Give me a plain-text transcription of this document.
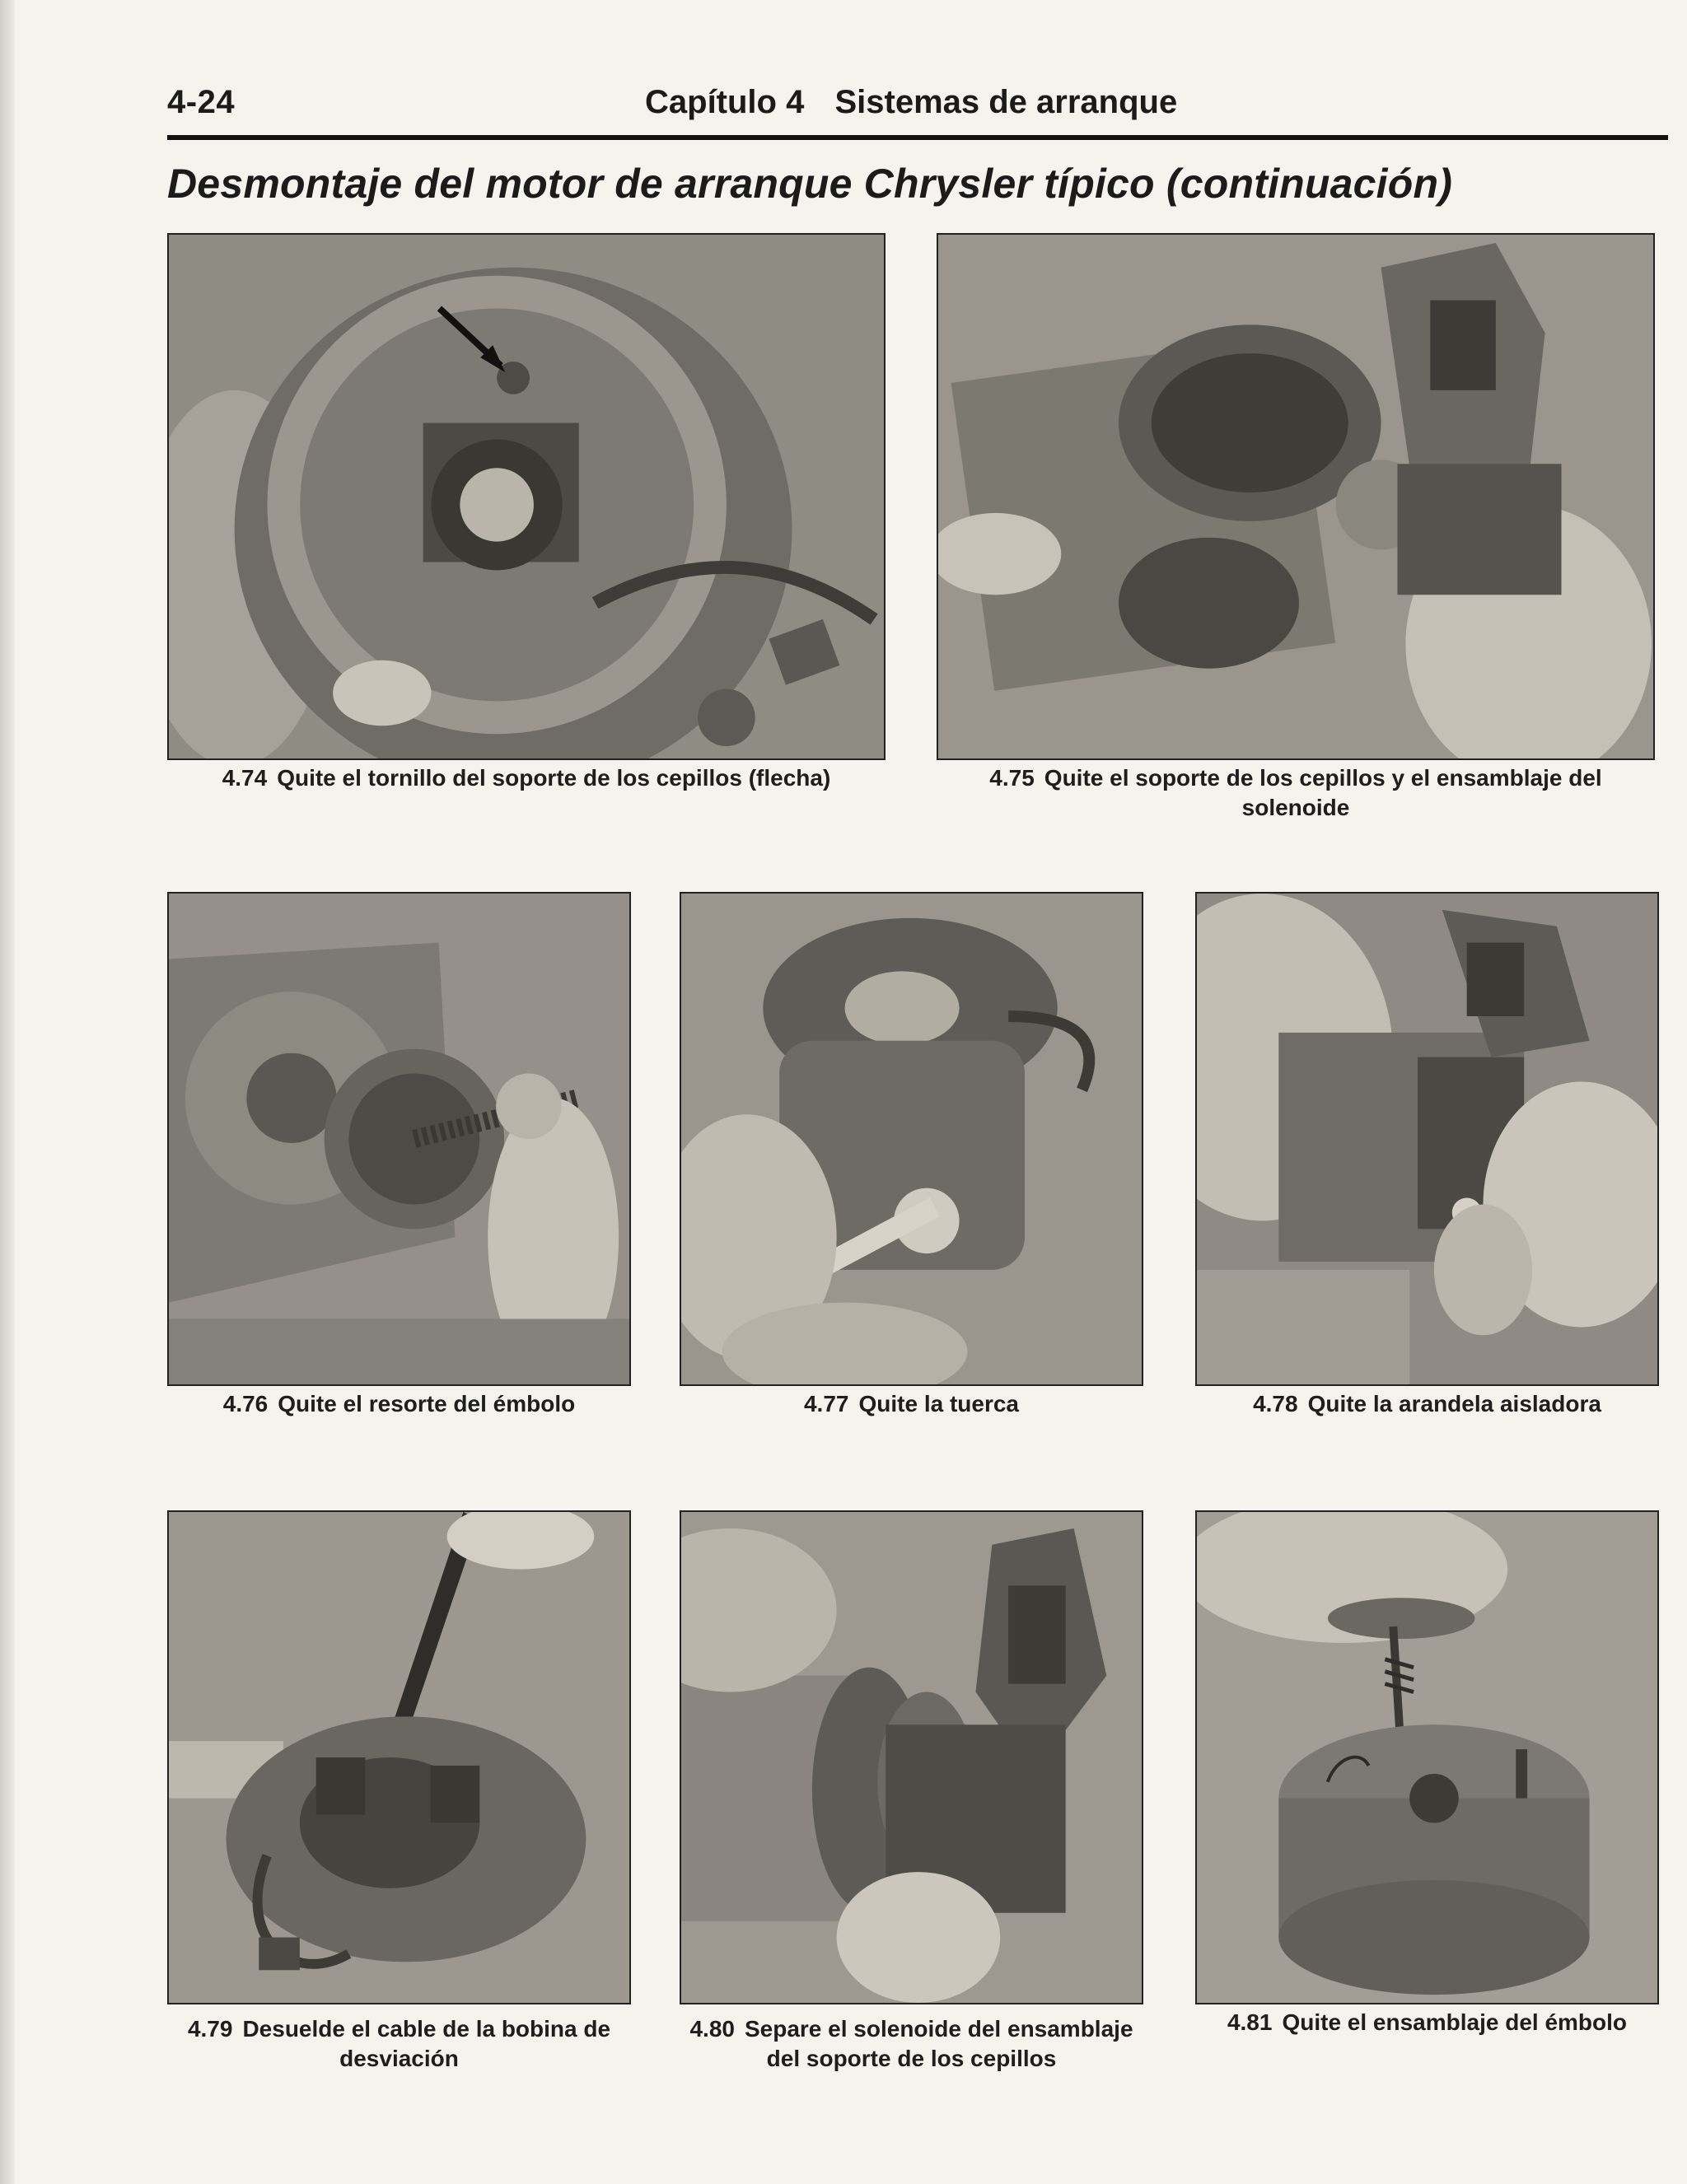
4-24	Capítulo 4 Sistemas de arranque
Desmontaje del motor de arranque Chrysler típico (continuación)
4.74 Quite el tornillo del soporte de los cepillos (flecha)	4.75 Quite el soporte de los cepillos y el ensamblaje del solenoide
4.76 Quite el resorte del émbolo	4.77 Quite la tuerca	4.78 Quite la arandela aisladora
4.79 Desuelde el cable de la bobina de desviación
4.80 Separe el solenoide del ensamblaje del soporte de los cepillos
4.81 Quite el ensamblaje del émbolo
